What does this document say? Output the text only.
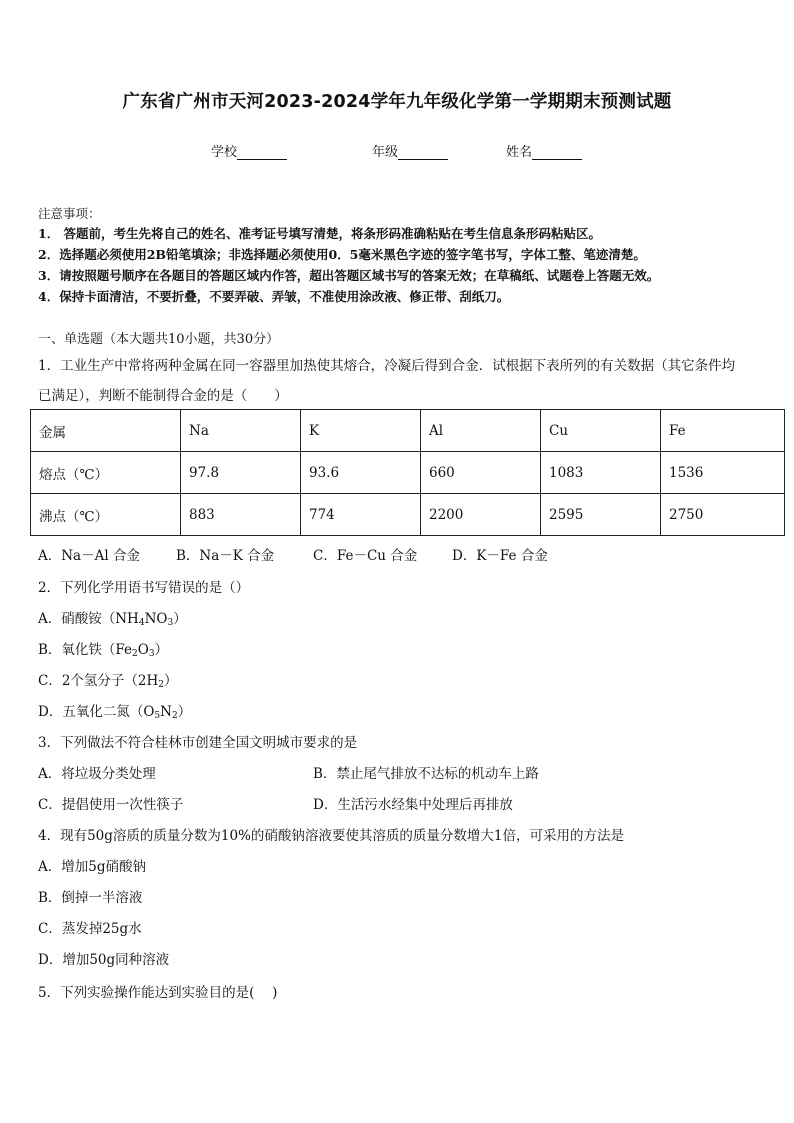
广东省广州市天河2023-2024学年九年级化学第一学期期末预测试题
学校	年级	姓名
注意事项：
1． 答题前，考生先将自己的姓名、准考证号填写清楚，将条形码准确粘贴在考生信息条形码粘贴区。
2．选择题必须使用2B铅笔填涂；非选择题必须使用0．5毫米黑色字迹的签字笔书写，字体工整、笔迹清楚。
3．请按照题号顺序在各题目的答题区域内作答，超出答题区域书写的答案无效；在草稿纸、试题卷上答题无效。
4．保持卡面清洁，不要折叠，不要弄破、弄皱，不准使用涂改液、修正带、刮纸刀。
一、单选题（本大题共10小题，共30分）
1．工业生产中常将两种金属在同一容器里加热使其熔合，冷凝后得到合金．试根据下表所列的有关数据（其它条件均
已满足），判断不能制得合金的是（　　）
金属	Na	K	Al	Cu	Fe
熔点（℃）	97.8	93.6	660	1083	1536
沸点（℃）	883	774	2200	2595	2750
A．Na－Al 合金	B．Na－K 合金	C．Fe－Cu 合金	D．K－Fe 合金
2．下列化学用语书写错误的是（）
A．硝酸铵$(NH_4NO_3)$
B．氧化铁$(Fe_2O_3)$
C．2个氢分子$(2H_2)$
D．五氧化二氮$(O_5N_2)$
3．下列做法不符合桂林市创建全国文明城市要求的是
A．将垃圾分类处理	B．禁止尾气排放不达标的机动车上路
C．提倡使用一次性筷子	D．生活污水经集中处理后再排放
4．现有50g溶质的质量分数为10%的硝酸钠溶液要使其溶质的质量分数增大1倍，可采用的方法是
A．增加5g硝酸钠
B．倒掉一半溶液
C．蒸发掉25g水
D．增加50g同种溶液
5．下列实验操作能达到实验目的是(　 )
